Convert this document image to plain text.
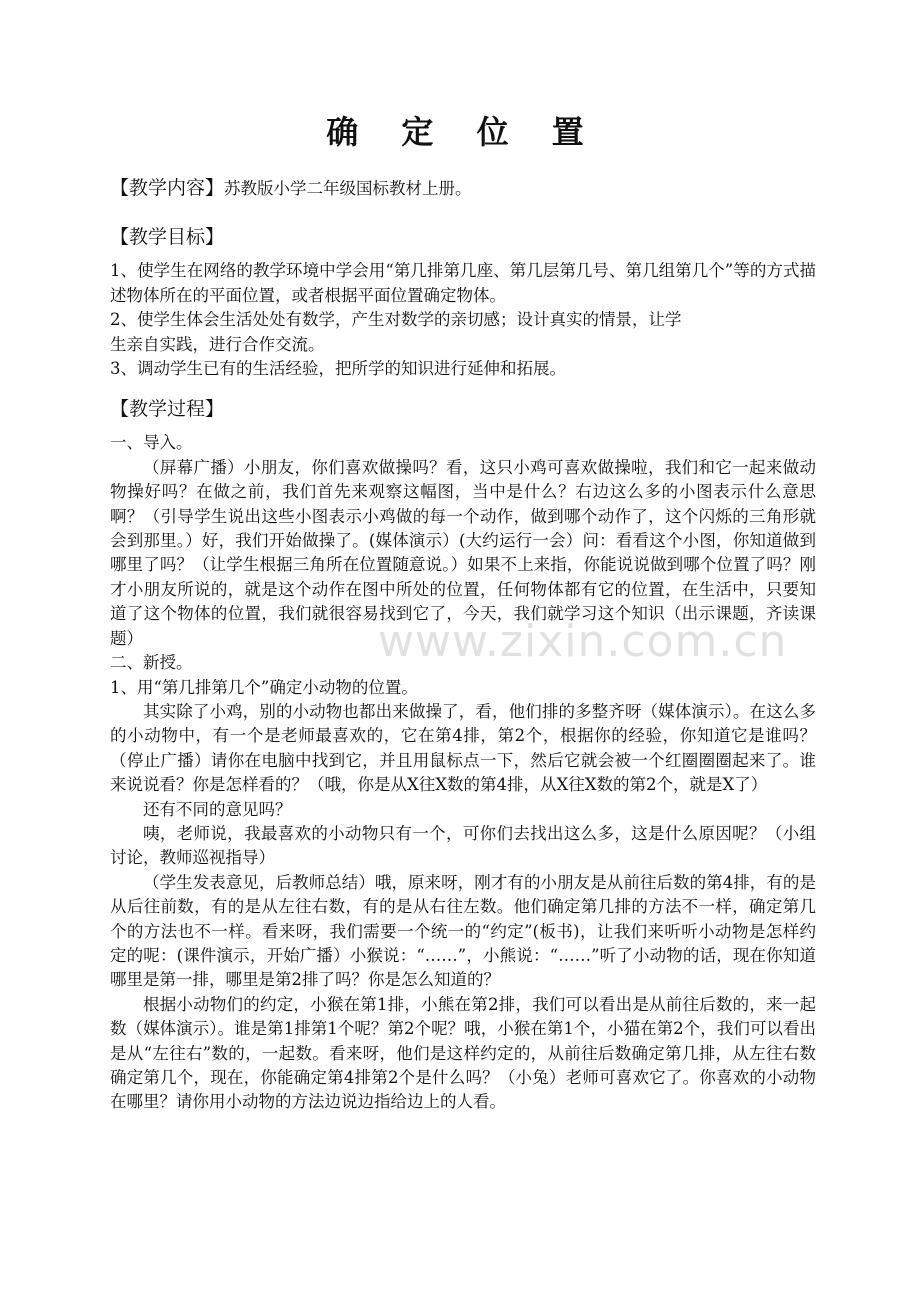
www.zixin.com.cn
确 定 位 置
【教学内容】苏教版小学二年级国标教材上册。
【教学目标】
1、使学生在网络的教学环境中学会用“第几排第几座、第几层第几号、第几组第几个”等的方式描述物体所在的平面位置，或者根据平面位置确定物体。
2、使学生体会生活处处有数学，产生对数学的亲切感；设计真实的情景，让学
生亲自实践，进行合作交流。
3、调动学生已有的生活经验，把所学的知识进行延伸和拓展。
【教学过程】
一、导入。
（屏幕广播）小朋友，你们喜欢做操吗？看，这只小鸡可喜欢做操啦，我们和它一起来做动物操好吗？在做之前，我们首先来观察这幅图，当中是什么？右边这么多的小图表示什么意思啊？（引导学生说出这些小图表示小鸡做的每一个动作，做到哪个动作了，这个闪烁的三角形就会到那里。）好，我们开始做操了。(媒体演示）(大约运行一会）问：看看这个小图，你知道做到哪里了吗？（让学生根据三角所在位置随意说。）如果不上来指，你能说说做到哪个位置了吗？刚才小朋友所说的，就是这个动作在图中所处的位置，任何物体都有它的位置，在生活中，只要知道了这个物体的位置，我们就很容易找到它了，今天，我们就学习这个知识（出示课题，齐读课题）
二、新授。
1、用“第几排第几个”确定小动物的位置。
其实除了小鸡，别的小动物也都出来做操了，看，他们排的多整齐呀（媒体演示）。在这么多的小动物中，有一个是老师最喜欢的，它在第4排，第2个，根据你的经验，你知道它是谁吗？（停止广播）请你在电脑中找到它，并且用鼠标点一下，然后它就会被一个红圈圈圈起来了。谁来说说看？你是怎样看的？（哦，你是从X往X数的第4排，从X往X数的第2个，就是X了）
还有不同的意见吗？
咦，老师说，我最喜欢的小动物只有一个，可你们去找出这么多，这是什么原因呢？（小组讨论，教师巡视指导）
（学生发表意见，后教师总结）哦，原来呀，刚才有的小朋友是从前往后数的第4排，有的是从后往前数，有的是从左往右数，有的是从右往左数。他们确定第几排的方法不一样，确定第几个的方法也不一样。看来呀，我们需要一个统一的“约定”(板书)，让我们来听听小动物是怎样约定的呢：(课件演示，开始广播）小猴说：“……”，小熊说：“……”听了小动物的话，现在你知道哪里是第一排，哪里是第2排了吗？你是怎么知道的？
根据小动物们的约定，小猴在第1排，小熊在第2排，我们可以看出是从前往后数的，来一起数（媒体演示）。谁是第1排第1个呢？第2个呢？哦，小猴在第1个，小猫在第2个，我们可以看出是从“左往右”数的，一起数。看来呀，他们是这样约定的，从前往后数确定第几排，从左往右数确定第几个，现在，你能确定第4排第2个是什么吗？（小兔）老师可喜欢它了。你喜欢的小动物在哪里？请你用小动物的方法边说边指给边上的人看。
